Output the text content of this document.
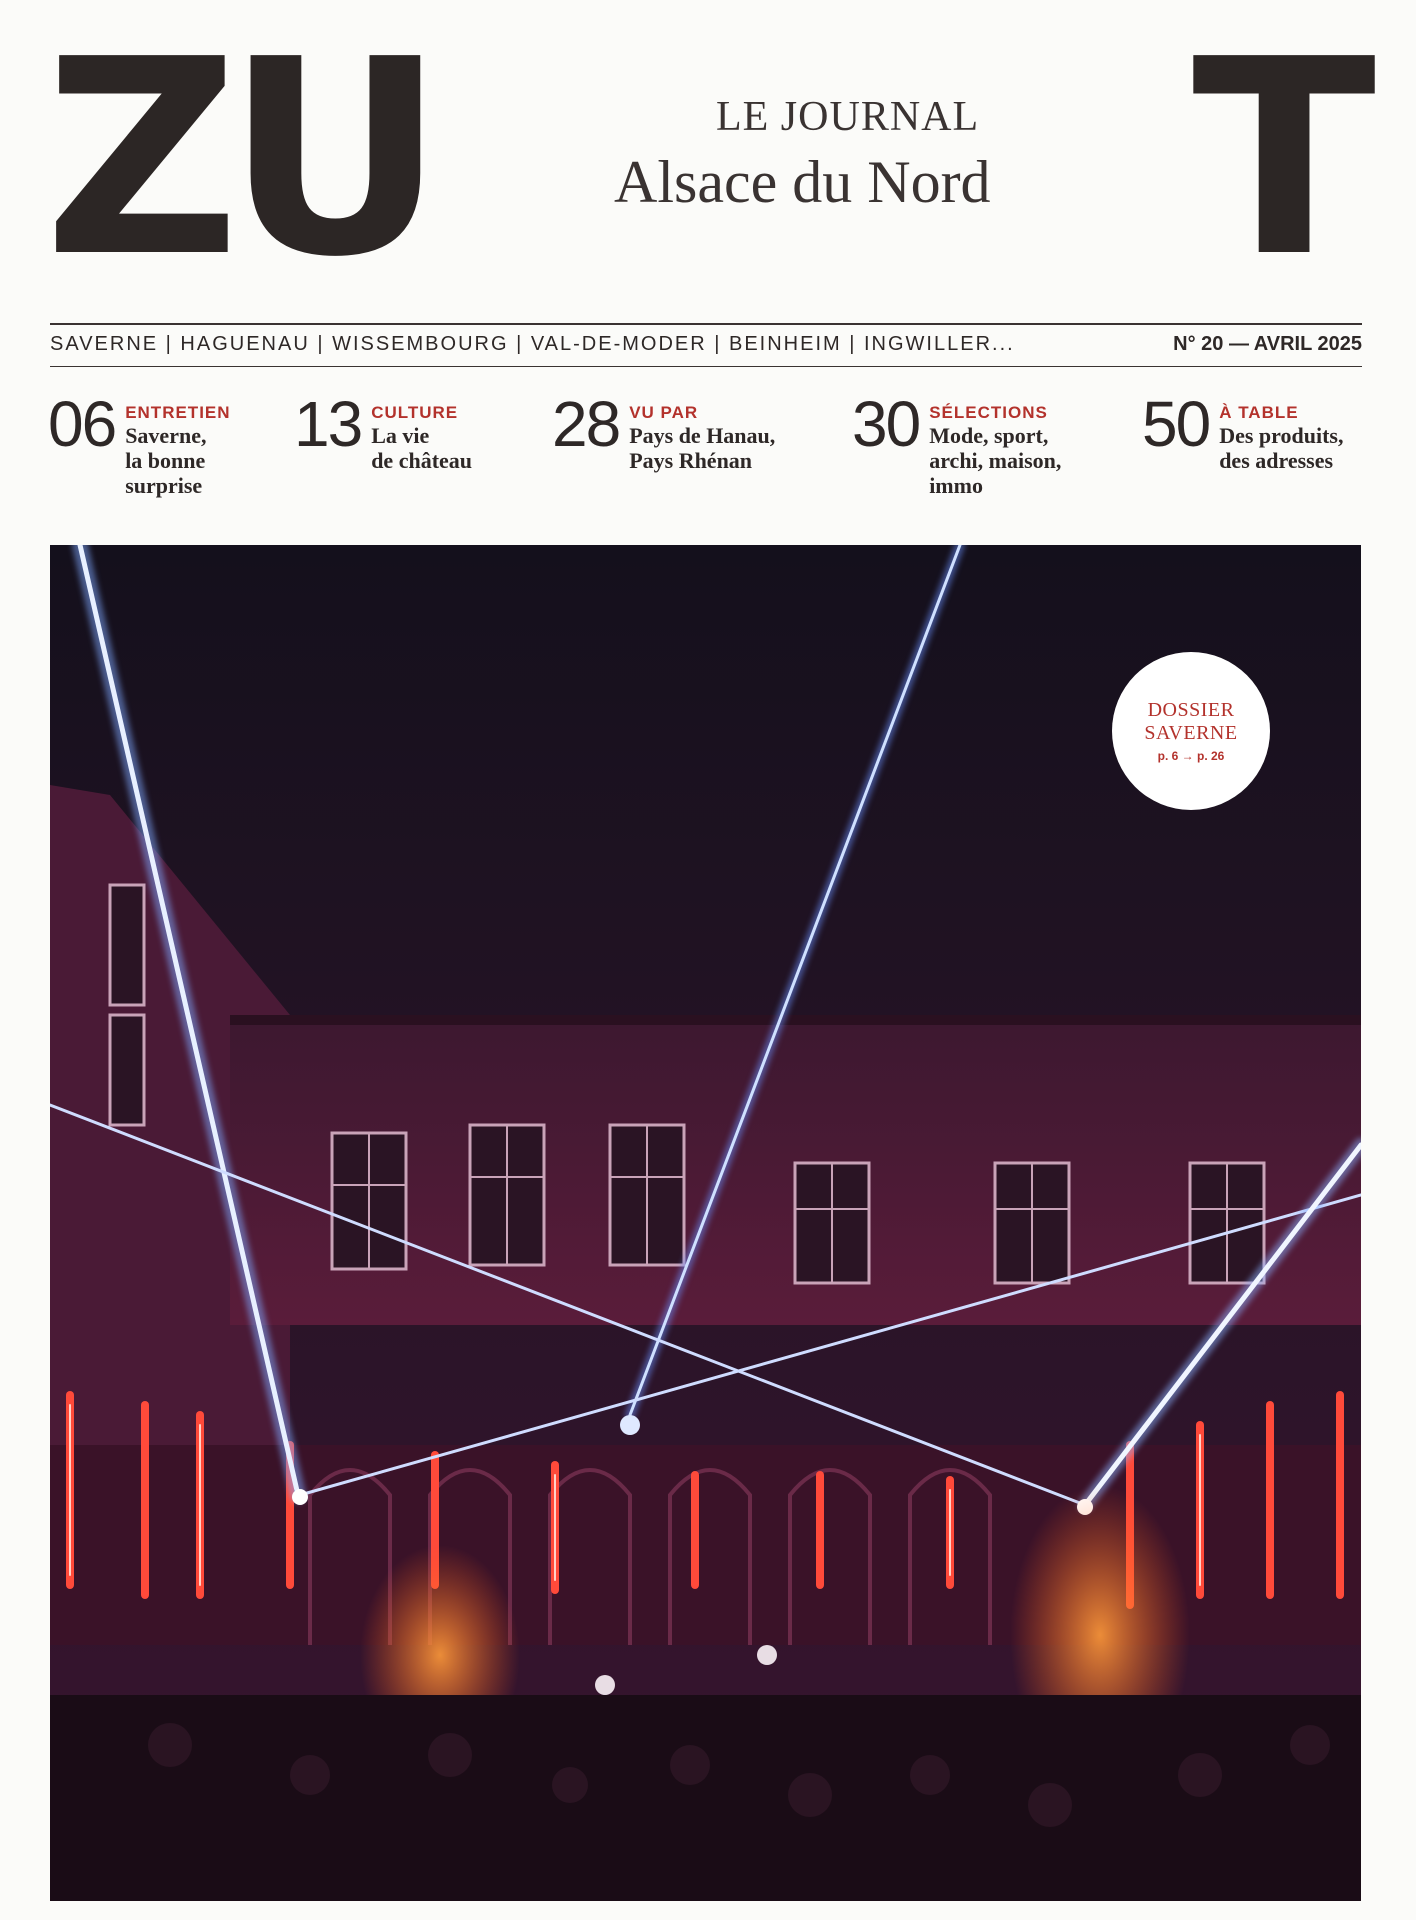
ZU	T
LE JOURNAL
Alsace du Nord
SAVERNE | HAGUENAU | WISSEMBOURG | VAL-DE-MODER | BEINHEIM | INGWILLER...	N° 20 — AVRIL 2025
06 ENTRETIEN
Saverne,
la bonne
surprise
13 CULTURE
La vie
de château
28 VU PAR
Pays de Hanau,
Pays Rhénan
30 SÉLECTIONS
Mode, sport,
archi, maison,
immo
50 À TABLE
Des produits,
des adresses
DOSSIER
SAVERNE
p. 6 → p. 26
